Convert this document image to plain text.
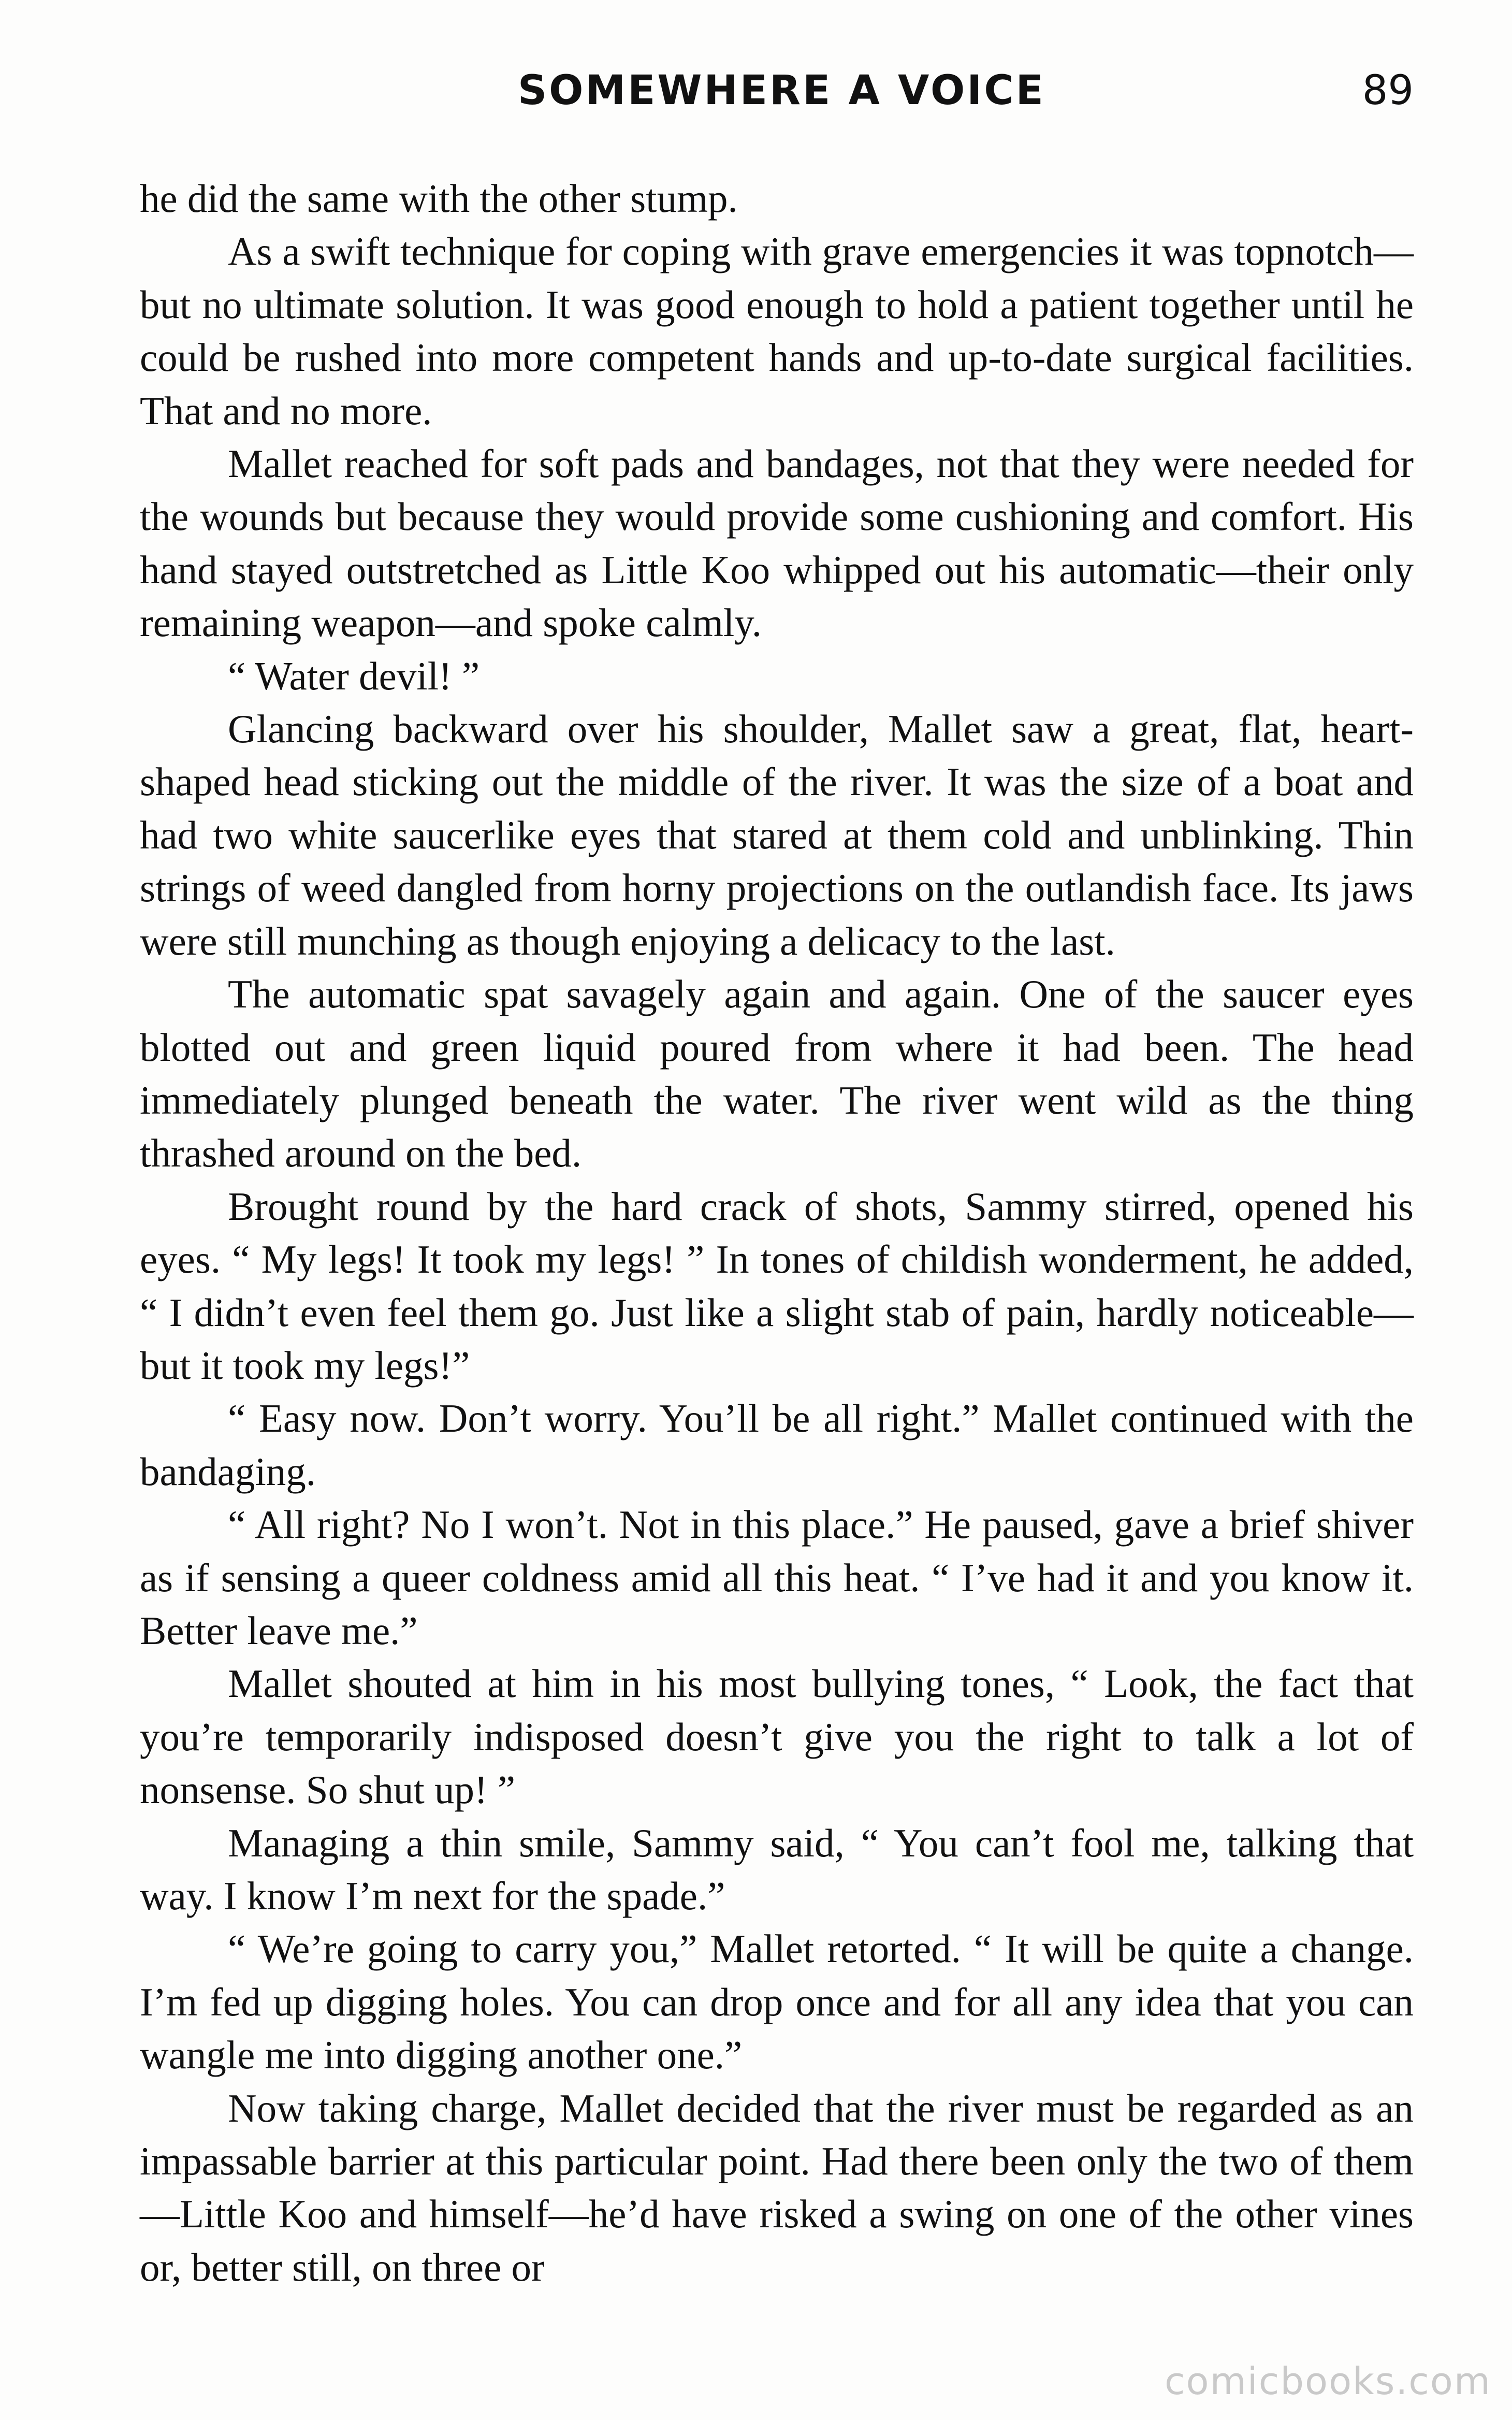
SOMEWHERE A VOICE	89

he did the same with the other stump.

As a swift technique for coping with grave emergencies it was topnotch—but no ultimate solution. It was good enough to hold a patient together until he could be rushed into more competent hands and up-to-date surgical facilities. That and no more.

Mallet reached for soft pads and bandages, not that they were needed for the wounds but because they would provide some cushioning and comfort. His hand stayed outstretched as Little Koo whipped out his automatic—their only remaining weapon—and spoke calmly.

“ Water devil! ”

Glancing backward over his shoulder, Mallet saw a great, flat, heart-shaped head sticking out the middle of the river. It was the size of a boat and had two white saucerlike eyes that stared at them cold and unblinking. Thin strings of weed dangled from horny projections on the outlandish face. Its jaws were still munching as though enjoying a delicacy to the last.

The automatic spat savagely again and again. One of the saucer eyes blotted out and green liquid poured from where it had been. The head immediately plunged beneath the water. The river went wild as the thing thrashed around on the bed.

Brought round by the hard crack of shots, Sammy stirred, opened his eyes. “ My legs! It took my legs! ” In tones of childish wonderment, he added, “ I didn’t even feel them go. Just like a slight stab of pain, hardly noticeable—but it took my legs!”

“ Easy now. Don’t worry. You’ll be all right.” Mallet continued with the bandaging.

“ All right? No I won’t. Not in this place.” He paused, gave a brief shiver as if sensing a queer coldness amid all this heat. “ I’ve had it and you know it. Better leave me.”

Mallet shouted at him in his most bullying tones, “ Look, the fact that you’re temporarily indisposed doesn’t give you the right to talk a lot of nonsense. So shut up! ”

Managing a thin smile, Sammy said, “ You can’t fool me, talking that way. I know I’m next for the spade.”

“ We’re going to carry you,” Mallet retorted. “ It will be quite a change. I’m fed up digging holes. You can drop once and for all any idea that you can wangle me into digging another one.”

Now taking charge, Mallet decided that the river must be regarded as an impassable barrier at this particular point. Had there been only the two of them—Little Koo and himself—he’d have risked a swing on one of the other vines or, better still, on three or

comicbooks.com
